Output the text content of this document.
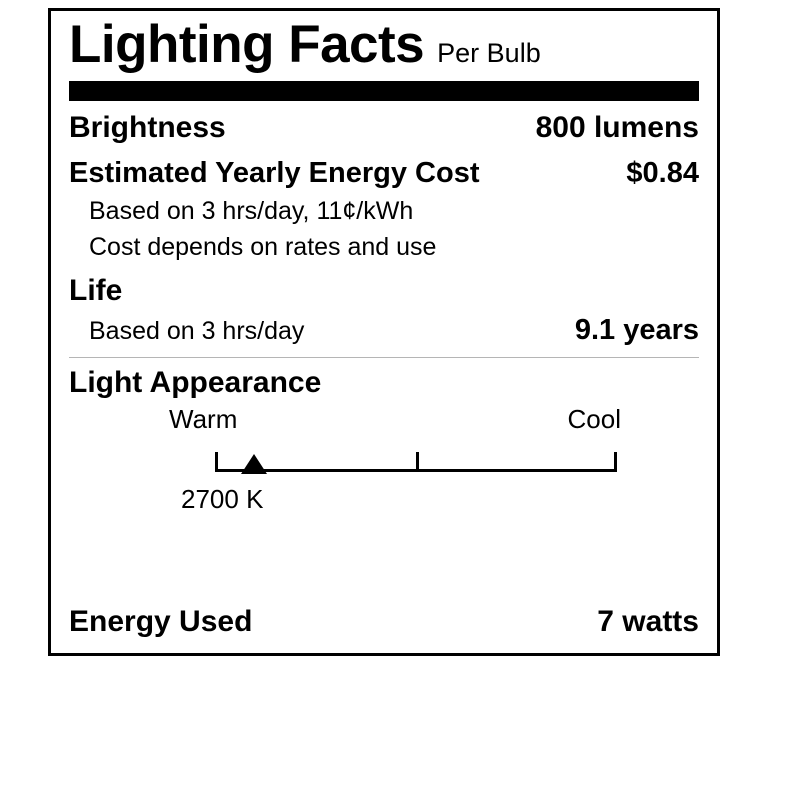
Lighting Facts Per Bulb
Brightness	800 lumens
Estimated Yearly Energy Cost	$0.84
Based on 3 hrs/day, 11¢/kWh
Cost depends on rates and use
Life
Based on 3 hrs/day	9.1 years
Light Appearance
Warm	Cool
2700 K
Energy Used	7 watts
